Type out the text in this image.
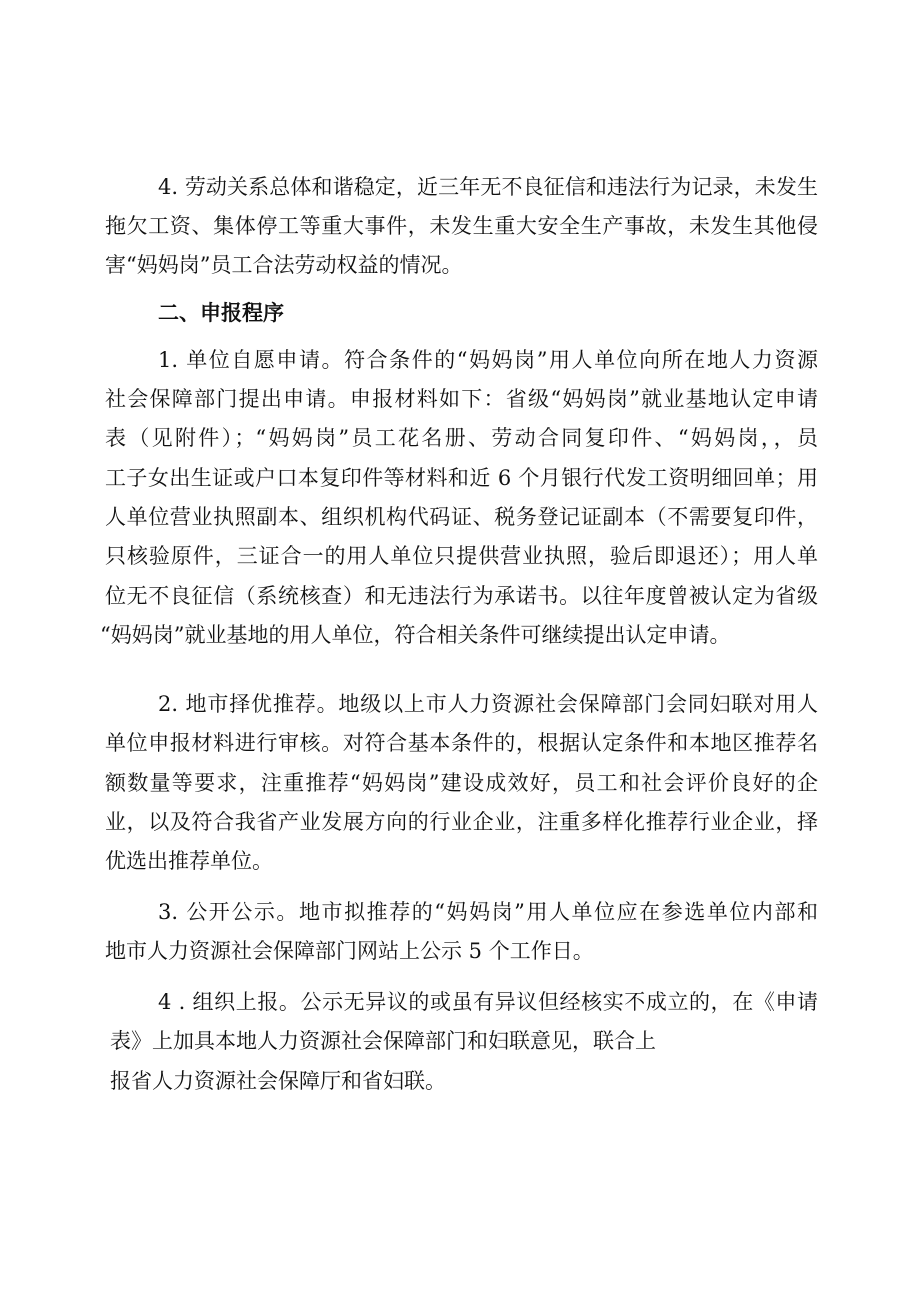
4. 劳动关系总体和谐稳定，近三年无不良征信和违法行为记录，未发生
拖欠工资、集体停工等重大事件，未发生重大安全生产事故，未发生其他侵
害“妈妈岗”员工合法劳动权益的情况。
二、申报程序
1. 单位自愿申请。符合条件的“妈妈岗”用人单位向所在地人力资源
社会保障部门提出申请。申报材料如下：省级“妈妈岗”就业基地认定申请
表（见附件）；“妈妈岗”员工花名册、劳动合同复印件、“妈妈岗，，员
工子女出生证或户口本复印件等材料和近 6 个月银行代发工资明细回单；用
人单位营业执照副本、组织机构代码证、税务登记证副本（不需要复印件，
只核验原件，三证合一的用人单位只提供营业执照，验后即退还）；用人单
位无不良征信（系统核查）和无违法行为承诺书。以往年度曾被认定为省级
“妈妈岗”就业基地的用人单位，符合相关条件可继续提出认定申请。
2. 地市择优推荐。地级以上市人力资源社会保障部门会同妇联对用人
单位申报材料进行审核。对符合基本条件的，根据认定条件和本地区推荐名
额数量等要求，注重推荐“妈妈岗”建设成效好，员工和社会评价良好的企
业，以及符合我省产业发展方向的行业企业，注重多样化推荐行业企业，择
优选出推荐单位。
3. 公开公示。地市拟推荐的“妈妈岗”用人单位应在参选单位内部和
地市人力资源社会保障部门网站上公示 5 个工作日。
4 . 组织上报。公示无异议的或虽有异议但经核实不成立的，在《申请
表》上加具本地人力资源社会保障部门和妇联意见，联合上
报省人力资源社会保障厅和省妇联。
